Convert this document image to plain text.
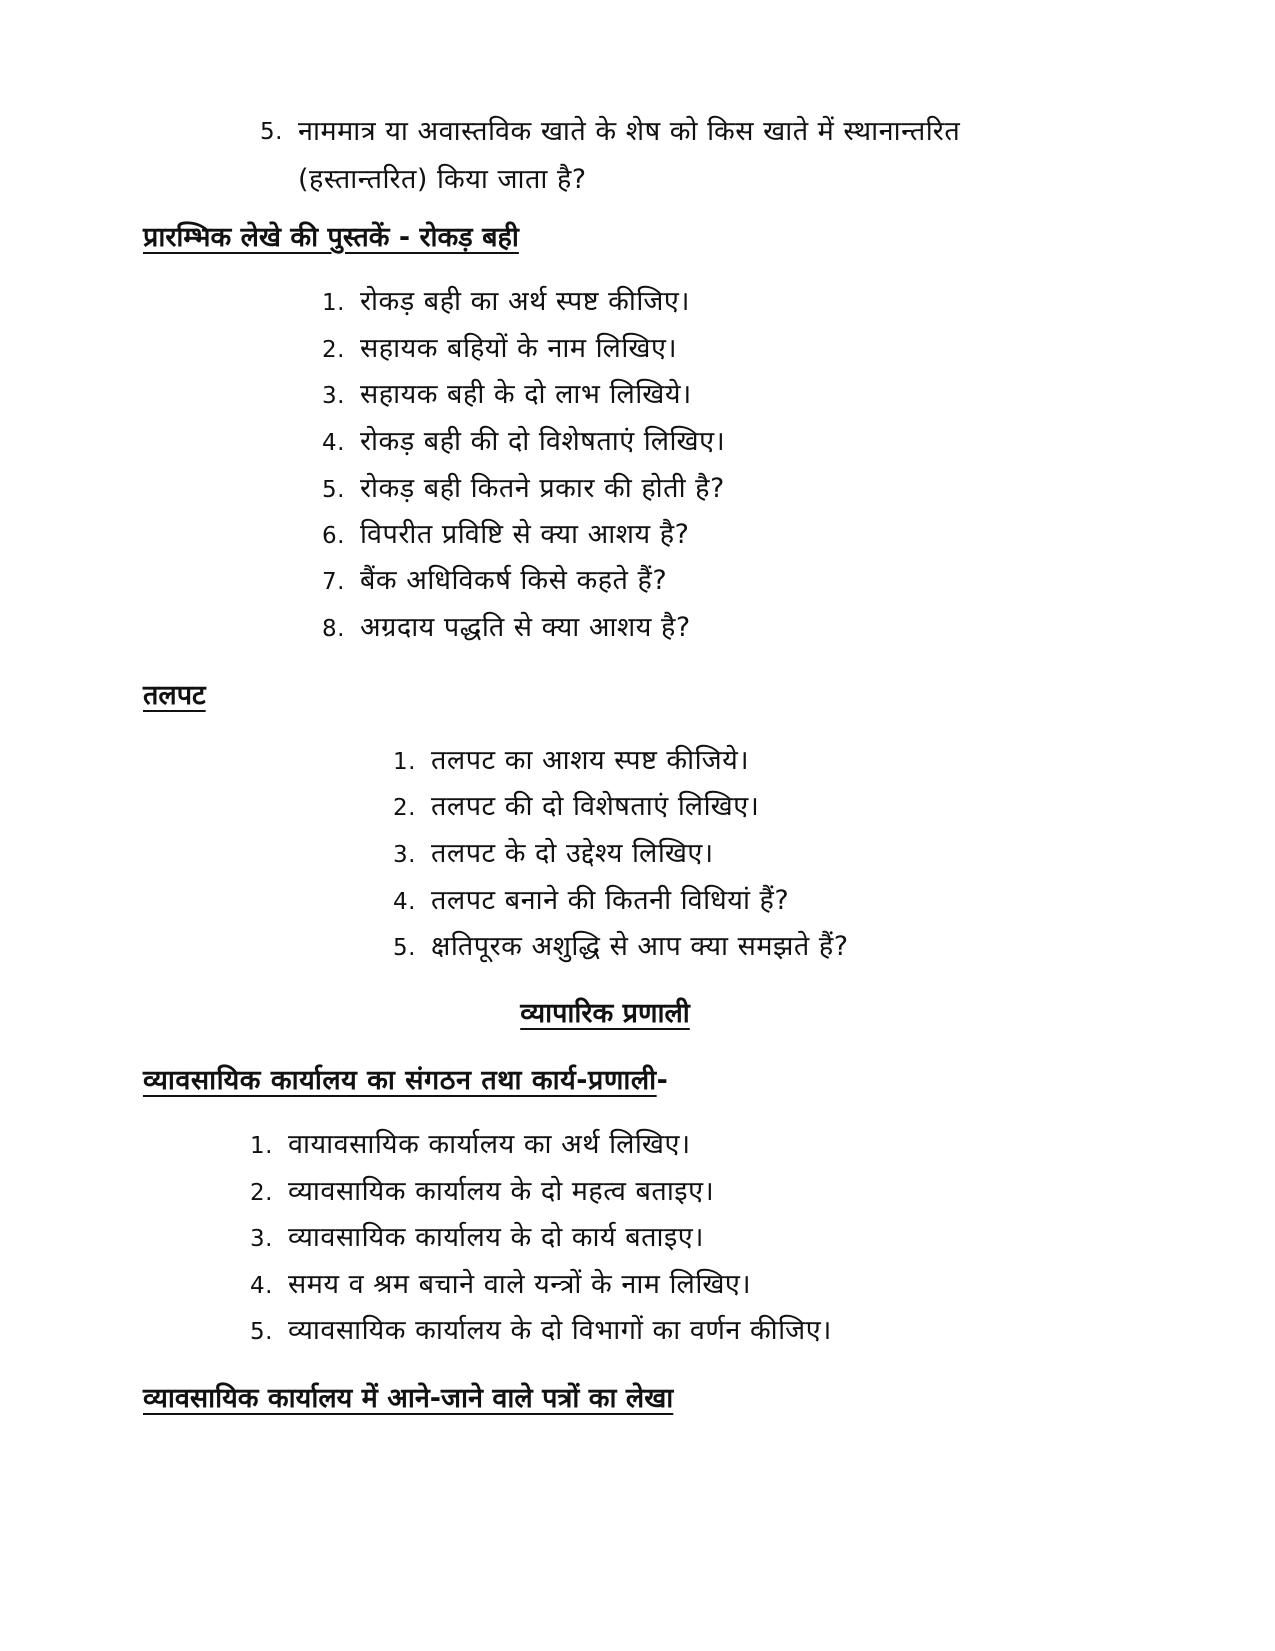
5. नाममात्र या अवास्तविक खाते के शेष को किस खाते में स्थानान्तरित
(हस्तान्तरित) किया जाता है?
प्रारम्भिक लेखे की पुस्तकें - रोकड़ बही
1. रोकड़ बही का अर्थ स्पष्ट कीजिए।
2. सहायक बहियों के नाम लिखिए।
3. सहायक बही के दो लाभ लिखिये।
4. रोकड़ बही की दो विशेषताएं लिखिए।
5. रोकड़ बही कितने प्रकार की होती है?
6. विपरीत प्रविष्टि से क्या आशय है?
7. बैंक अधिविकर्ष किसे कहते हैं?
8. अग्रदाय पद्धति से क्या आशय है?
तलपट
1. तलपट का आशय स्पष्ट कीजिये।
2. तलपट की दो विशेषताएं लिखिए।
3. तलपट के दो उद्देश्य लिखिए।
4. तलपट बनाने की कितनी विधियां हैं?
5. क्षतिपूरक अशुद्धि से आप क्या समझते हैं?
व्यापारिक प्रणाली
व्यावसायिक कार्यालय का संगठन तथा कार्य-प्रणाली-
1. वायावसायिक कार्यालय का अर्थ लिखिए।
2. व्यावसायिक कार्यालय के दो महत्व बताइए।
3. व्यावसायिक कार्यालय के दो कार्य बताइए।
4. समय व श्रम बचाने वाले यन्त्रों के नाम लिखिए।
5. व्यावसायिक कार्यालय के दो विभागों का वर्णन कीजिए।
व्यावसायिक कार्यालय में आने-जाने वाले पत्रों का लेखा
